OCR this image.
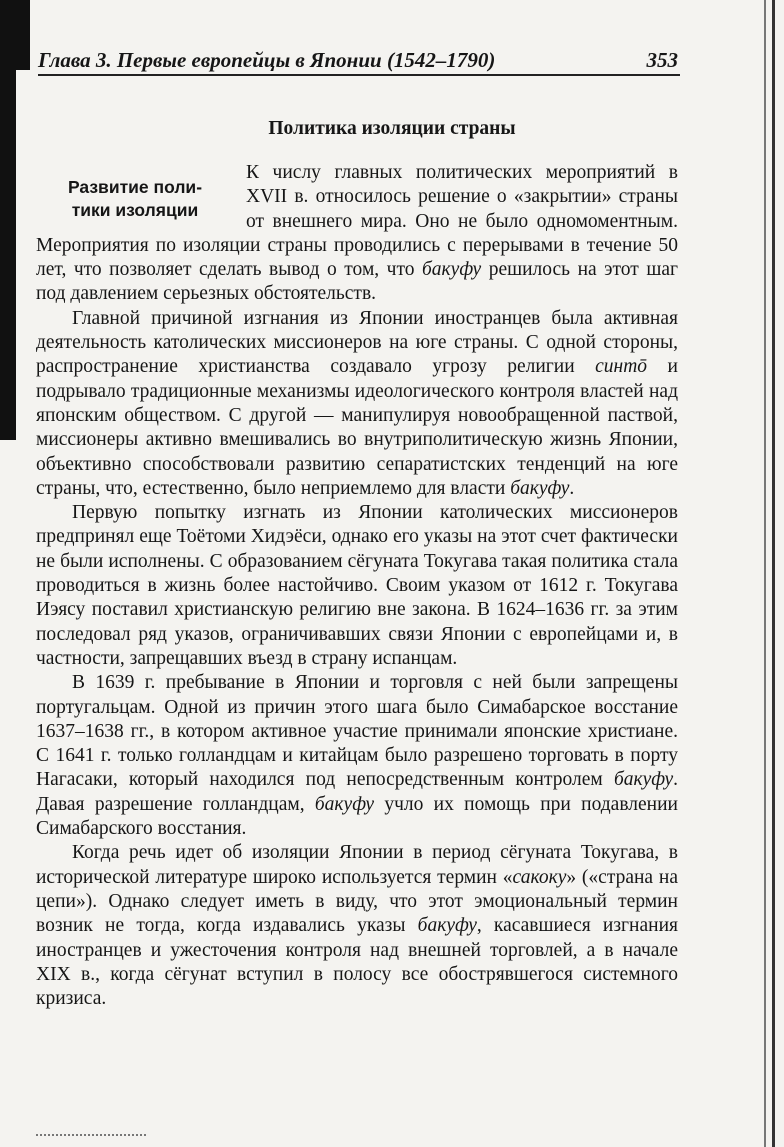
Глава 3. Первые европейцы в Японии (1542–1790)	353
Политика изоляции страны
Развитие поли-
тики изоляции

К числу главных политических мероприятий в XVII в. относилось решение о «закрытии» страны от внешнего мира. Оно не было одномоментным. Мероприятия по изоляции страны проводились с перерывами в течение 50 лет, что позволяет сделать вывод о том, что бакуфу решилось на этот шаг под давлением серьезных обстоятельств.

Главной причиной изгнания из Японии иностранцев была активная деятельность католических миссионеров на юге страны. С одной стороны, распространение христианства создавало угрозу религии синтō и подрывало традиционные механизмы идеологического контроля властей над японским обществом. С другой — манипулируя новообращенной паствой, миссионеры активно вмешивались во внутриполитическую жизнь Японии, объективно способствовали развитию сепаратистских тенденций на юге страны, что, естественно, было неприемлемо для власти бакуфу.

Первую попытку изгнать из Японии католических миссионеров предпринял еще Тоётоми Хидэёси, однако его указы на этот счет фактически не были исполнены. С образованием сёгуната Токугава такая политика стала проводиться в жизнь более настойчиво. Своим указом от 1612 г. Токугава Иэясу поставил христианскую религию вне закона. В 1624–1636 гг. за этим последовал ряд указов, ограничивавших связи Японии с европейцами и, в частности, запрещавших въезд в страну испанцам.

В 1639 г. пребывание в Японии и торговля с ней были запрещены португальцам. Одной из причин этого шага было Симабарское восстание 1637–1638 гг., в котором активное участие принимали японские христиане. С 1641 г. только голландцам и китайцам было разрешено торговать в порту Нагасаки, который находился под непосредственным контролем бакуфу. Давая разрешение голландцам, бакуфу учло их помощь при подавлении Симабарского восстания.

Когда речь идет об изоляции Японии в период сёгуната Токугава, в исторической литературе широко используется термин «сакоку» («страна на цепи»). Однако следует иметь в виду, что этот эмоциональный термин возник не тогда, когда издавались указы бакуфу, касавшиеся изгнания иностранцев и ужесточения контроля над внешней торговлей, а в начале XIX в., когда сёгунат вступил в полосу все обострявшегося системного кризиса.
